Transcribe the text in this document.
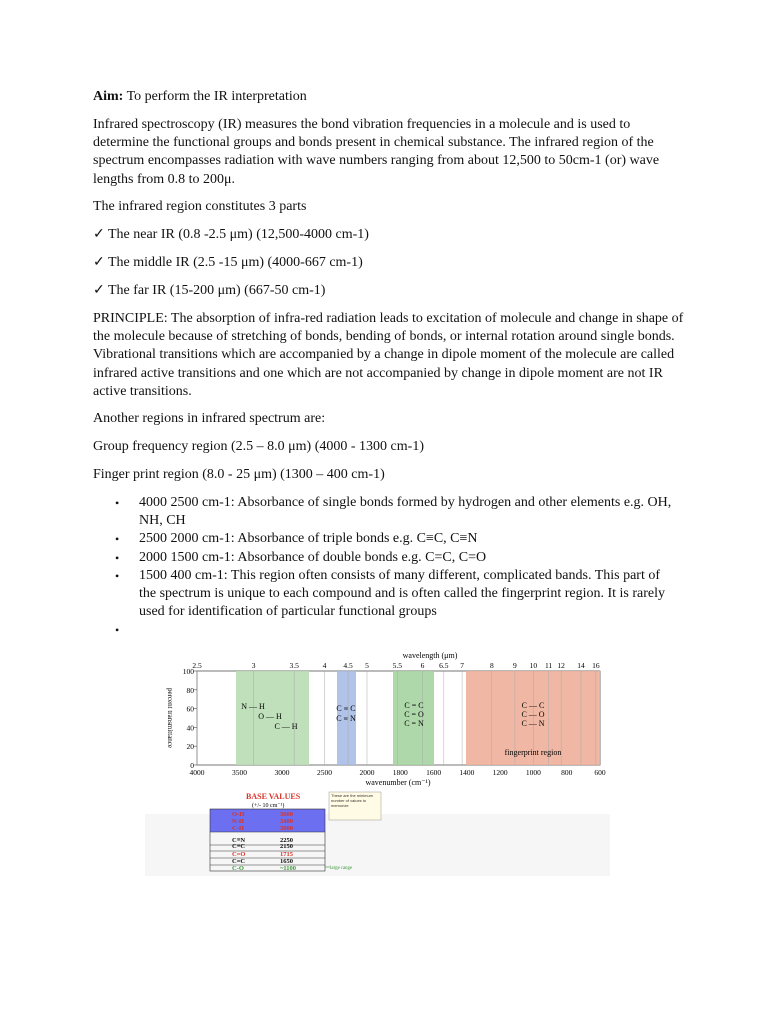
Aim: To perform the IR interpretation

Infrared spectroscopy (IR) measures the bond vibration frequencies in a molecule and is used to determine the functional groups and bonds present in chemical substance. The infrared region of the spectrum encompasses radiation with wave numbers ranging from about 12,500 to 50cm-1 (or) wave lengths from 0.8 to 200μ.

The infrared region constitutes 3 parts

✓ The near IR (0.8 -2.5 μm) (12,500-4000 cm-1)

✓ The middle IR (2.5 -15 μm) (4000-667 cm-1)

✓ The far IR (15-200 μm) (667-50 cm-1)

PRINCIPLE: The absorption of infra-red radiation leads to excitation of molecule and change in shape of the molecule because of stretching of bonds, bending of bonds, or internal rotation around single bonds. Vibrational transitions which are accompanied by a change in dipole moment of the molecule are called infrared active transitions and one which are not accompanied by change in dipole moment are not IR active transitions.

Another regions in infrared spectrum are:

Group frequency region (2.5 – 8.0 μm) (4000 - 1300 cm-1)

Finger print region (8.0 - 25 μm) (1300 – 400 cm-1)

• 4000 2500 cm-1: Absorbance of single bonds formed by hydrogen and other elements e.g. OH, NH, CH
• 2500 2000 cm-1: Absorbance of triple bonds e.g. C≡C, C≡N
• 2000 1500 cm-1: Absorbance of double bonds e.g. C=C, C=O
• 1500 400 cm-1: This region often consists of many different, complicated bands. This part of the spectrum is unique to each compound and is often called the fingerprint region. It is rarely used for identification of particular functional groups
•

wavelength (μm)
2.5	3	3.5	4 4.5 5	5.5 6 6.5 7	8	9 10 11 12 14 16
N — H
O — H
C — H
C ≡ C
C ≡ N
C = C
C = O
C = N
C — C
C — O
C — N
fingerprint region
percent transmittance
100
80
60
40
20
0
4000	3500	3000	2500	2000 1800 1600 1400 1200 1000	800	600
wavenumber (cm⁻¹)
BASE VALUES
(+/- 10 cm⁻¹)
O-H	3600
N-H	3400
C-H	3000
C≡N	2250
C≡C	2150
C=O	1715
C=C	1650
C-O	~1100
These are the minimum number of values to memorize
large range
